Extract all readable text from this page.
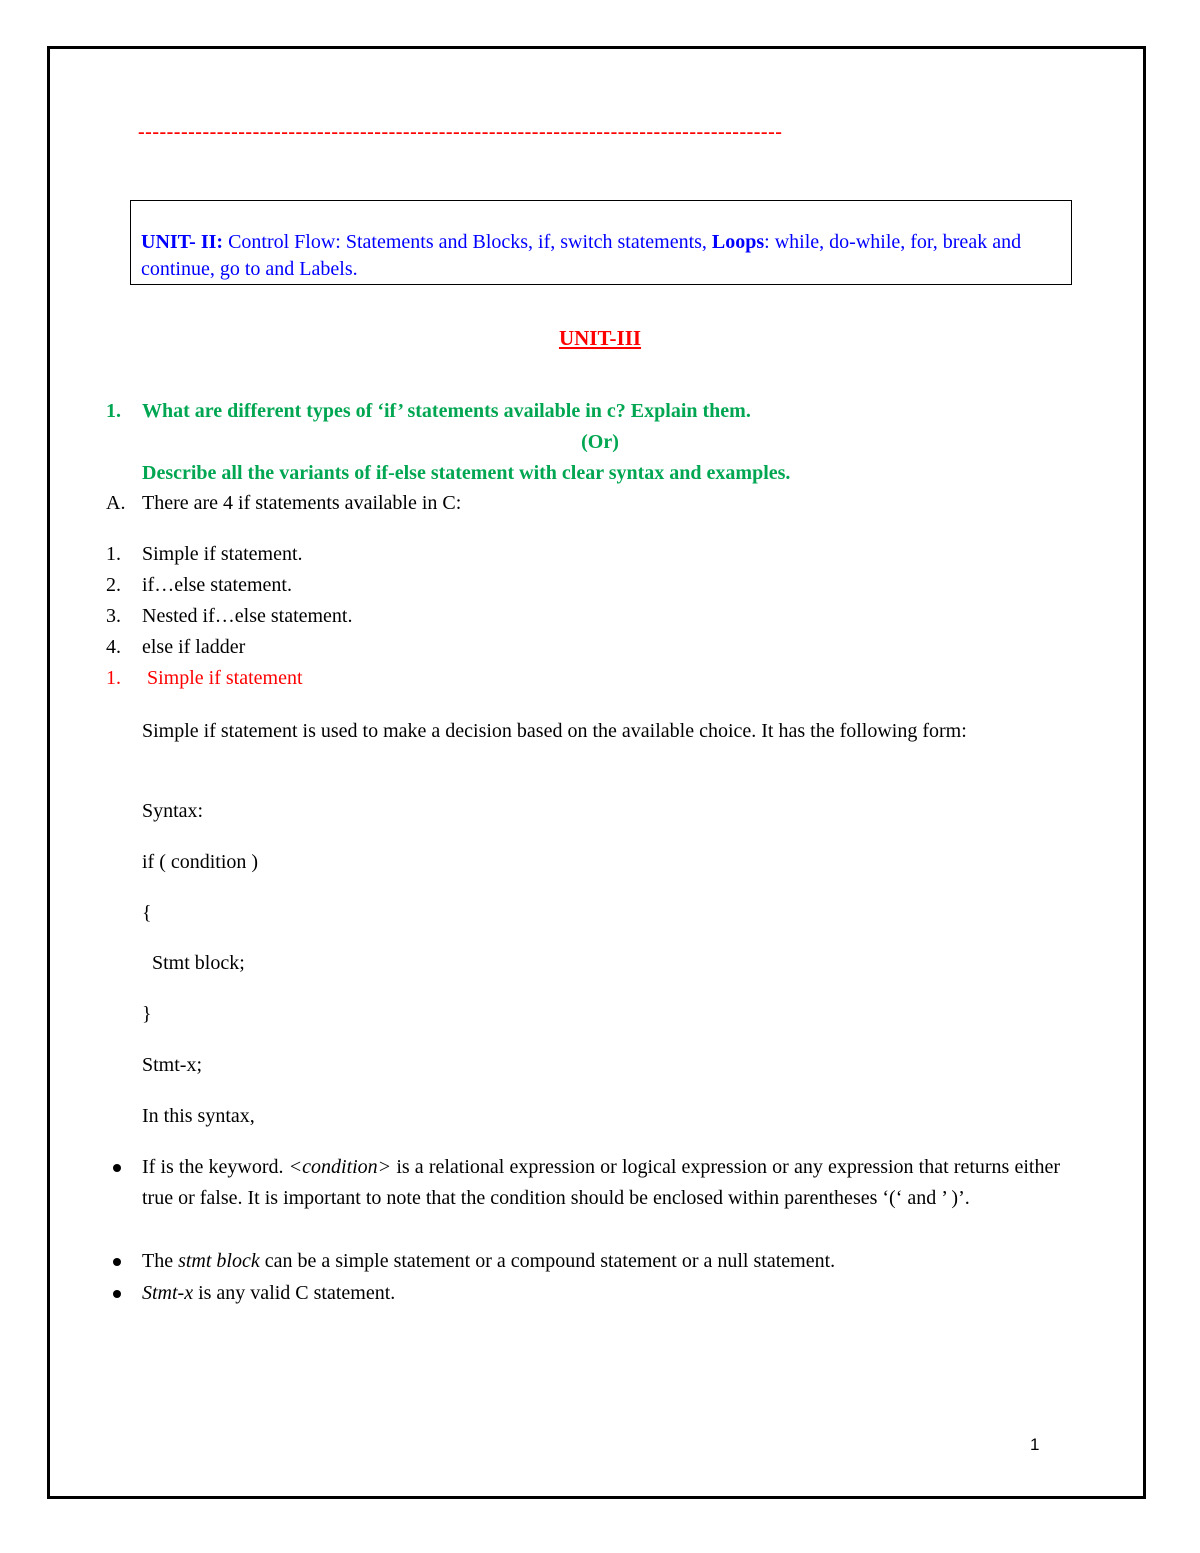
------------------------------------------------------------------------------------------
UNIT- II: Control Flow: Statements and Blocks, if, switch statements, Loops: while, do-while, for, break and continue, go to and Labels.
UNIT-III
1. What are different types of ‘if’ statements available in c? Explain them.
(Or)
Describe all the variants of if-else statement with clear syntax and examples.
A. There are 4 if statements available in C:
1. Simple if statement.
2. if…else statement.
3. Nested if…else statement.
4. else if ladder
1. Simple if statement
Simple if statement is used to make a decision based on the available choice. It has the following form:
Syntax:
if ( condition )
{
Stmt block;
}
Stmt-x;
In this syntax,
If is the keyword. <condition> is a relational expression or logical expression or any expression that returns either true or false. It is important to note that the condition should be enclosed within parentheses ‘(‘ and ’ )’.
The stmt block can be a simple statement or a compound statement or a null statement.
Stmt-x is any valid C statement.
1
